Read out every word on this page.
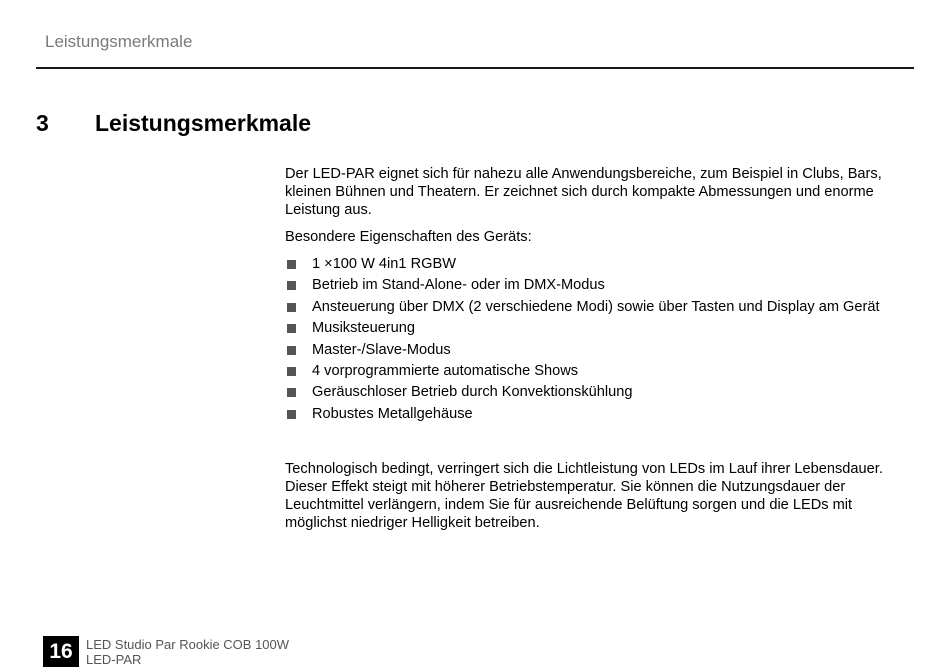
Leistungsmerkmale
3 Leistungsmerkmale

Der LED-PAR eignet sich für nahezu alle Anwendungsbereiche, zum Beispiel in Clubs, Bars, kleinen Bühnen und Theatern. Er zeichnet sich durch kompakte Abmessungen und enorme Leistung aus.

Besondere Eigenschaften des Geräts:

1 ×100 W 4in1 RGBW
Betrieb im Stand-Alone- oder im DMX-Modus
Ansteuerung über DMX (2 verschiedene Modi) sowie über Tasten und Display am Gerät
Musiksteuerung
Master-/Slave-Modus
4 vorprogrammierte automatische Shows
Geräuschloser Betrieb durch Konvektionskühlung
Robustes Metallgehäuse

Technologisch bedingt, verringert sich die Lichtleistung von LEDs im Lauf ihrer Lebensdauer. Dieser Effekt steigt mit höherer Betriebstemperatur. Sie können die Nutzungsdauer der Leuchtmittel verlängern, indem Sie für ausreichende Belüftung sorgen und die LEDs mit möglichst niedriger Helligkeit betreiben.

16	LED Studio Par Rookie COB 100W
LED-PAR
